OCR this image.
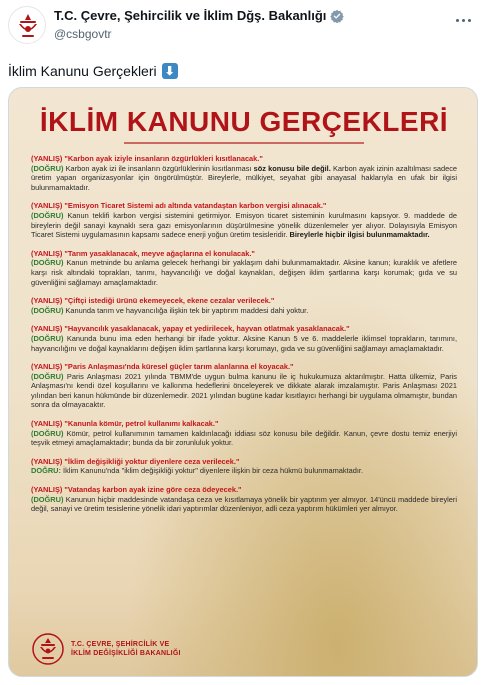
T.C. Çevre, Şehircilik ve İklim Dğş. Bakanlığı
@csbgovtr
İklim Kanunu Gerçekleri ⬇
İKLİM KANUNU GERÇEKLERİ
(YANLIŞ) "Karbon ayak iziyle insanların özgürlükleri kısıtlanacak."
(DOĞRU) Karbon ayak izi ile insanların özgürlüklerinin kısıtlanması söz konusu bile değil. Karbon ayak izinin azaltılması sadece üretim yapan organizasyonlar için öngörülmüştür. Bireylerle, mülkiyet, seyahat gibi anayasal haklarıyla en ufak bir ilgisi bulunmamaktadır.
(YANLIŞ) "Emisyon Ticaret Sistemi adı altında vatandaştan karbon vergisi alınacak."
(DOĞRU) Kanun teklifi karbon vergisi sistemini getirmiyor. Emisyon ticaret sisteminin kurulmasını kapsıyor. 9. maddede de bireylerin değil sanayi kaynaklı sera gazı emisyonlarının düşürülmesine yönelik düzenlemeler yer alıyor. Dolayısıyla Emisyon Ticaret Sistemi uygulamasının kapsamı sadece enerji yoğun üretim tesisleridir. Bireylerle hiçbir ilgisi bulunmamaktadır.
(YANLIŞ) "Tarım yasaklanacak, meyve ağaçlarına el konulacak."
(DOĞRU) Kanun metninde bu anlama gelecek herhangi bir yaklaşım dahi bulunmamaktadır. Aksine kanun; kuraklık ve afetlere karşı risk altındaki toprakları, tarımı, hayvancılığı ve doğal kaynakları, değişen iklim şartlarına karşı korumak; gıda ve su güvenliğini sağlamayı amaçlamaktadır.
(YANLIŞ) "Çiftçi istediği ürünü ekemeyecek, ekene cezalar verilecek."
(DOĞRU) Kanunda tarım ve hayvancılığa ilişkin tek bir yaptırım maddesi dahi yoktur.
(YANLIŞ) "Hayvancılık yasaklanacak, yapay et yedirilecek, hayvan otlatmak yasaklanacak."
(DOĞRU) Kanunda bunu ima eden herhangi bir ifade yoktur. Aksine Kanun 5 ve 6. maddelerle iklimsel toprakların, tarımını, hayvancılığını ve doğal kaynaklarını değişen iklim şartlarına karşı korumayı, gıda ve su güvenliğini sağlamayı amaçlamaktadır.
(YANLIŞ) "Paris Anlaşması'nda küresel güçler tarım alanlarına el koyacak."
(DOĞRU) Paris Anlaşması 2021 yılında TBMM'de uygun bulma kanunu ile iç hukukumuza aktarılmıştır. Hatta ülkemiz, Paris Anlaşması'nı kendi özel koşullarını ve kalkınma hedeflerini önceleyerek ve dikkate alarak imzalamıştır. Paris Anlaşması 2021 yılından beri kanun hükmünde bir düzenlemedir. 2021 yılından bugüne kadar kısıtlayıcı herhangi bir uygulama olmamıştır, bundan sonra da olmayacaktır.
(YANLIŞ) "Kanunla kömür, petrol kullanımı kalkacak."
(DOĞRU) Kömür, petrol kullanımının tamamen kaldırılacağı iddiası söz konusu bile değildir. Kanun, çevre dostu temiz enerjiyi teşvik etmeyi amaçlamaktadır; bunda da bir zorunluluk yoktur.
(YANLIŞ) "İklim değişikliği yoktur diyenlere ceza verilecek."
DOĞRU: İklim Kanunu'nda "iklim değişikliği yoktur" diyenlere ilişkin bir ceza hükmü bulunmamaktadır.
(YANLIŞ) "Vatandaş karbon ayak izine göre ceza ödeyecek."
(DOĞRU) Kanunun hiçbir maddesinde vatandaşa ceza ve kısıtlamaya yönelik bir yaptırım yer almıyor. 14'üncü maddede bireyleri değil, sanayi ve üretim tesislerine yönelik idari yaptırımlar düzenleniyor, adli ceza yaptırım hükümleri yer almıyor.
T.C. ÇEVRE, ŞEHİRCİLİK VE
İKLİM DEĞİŞİKLİĞİ BAKANLIĞI
